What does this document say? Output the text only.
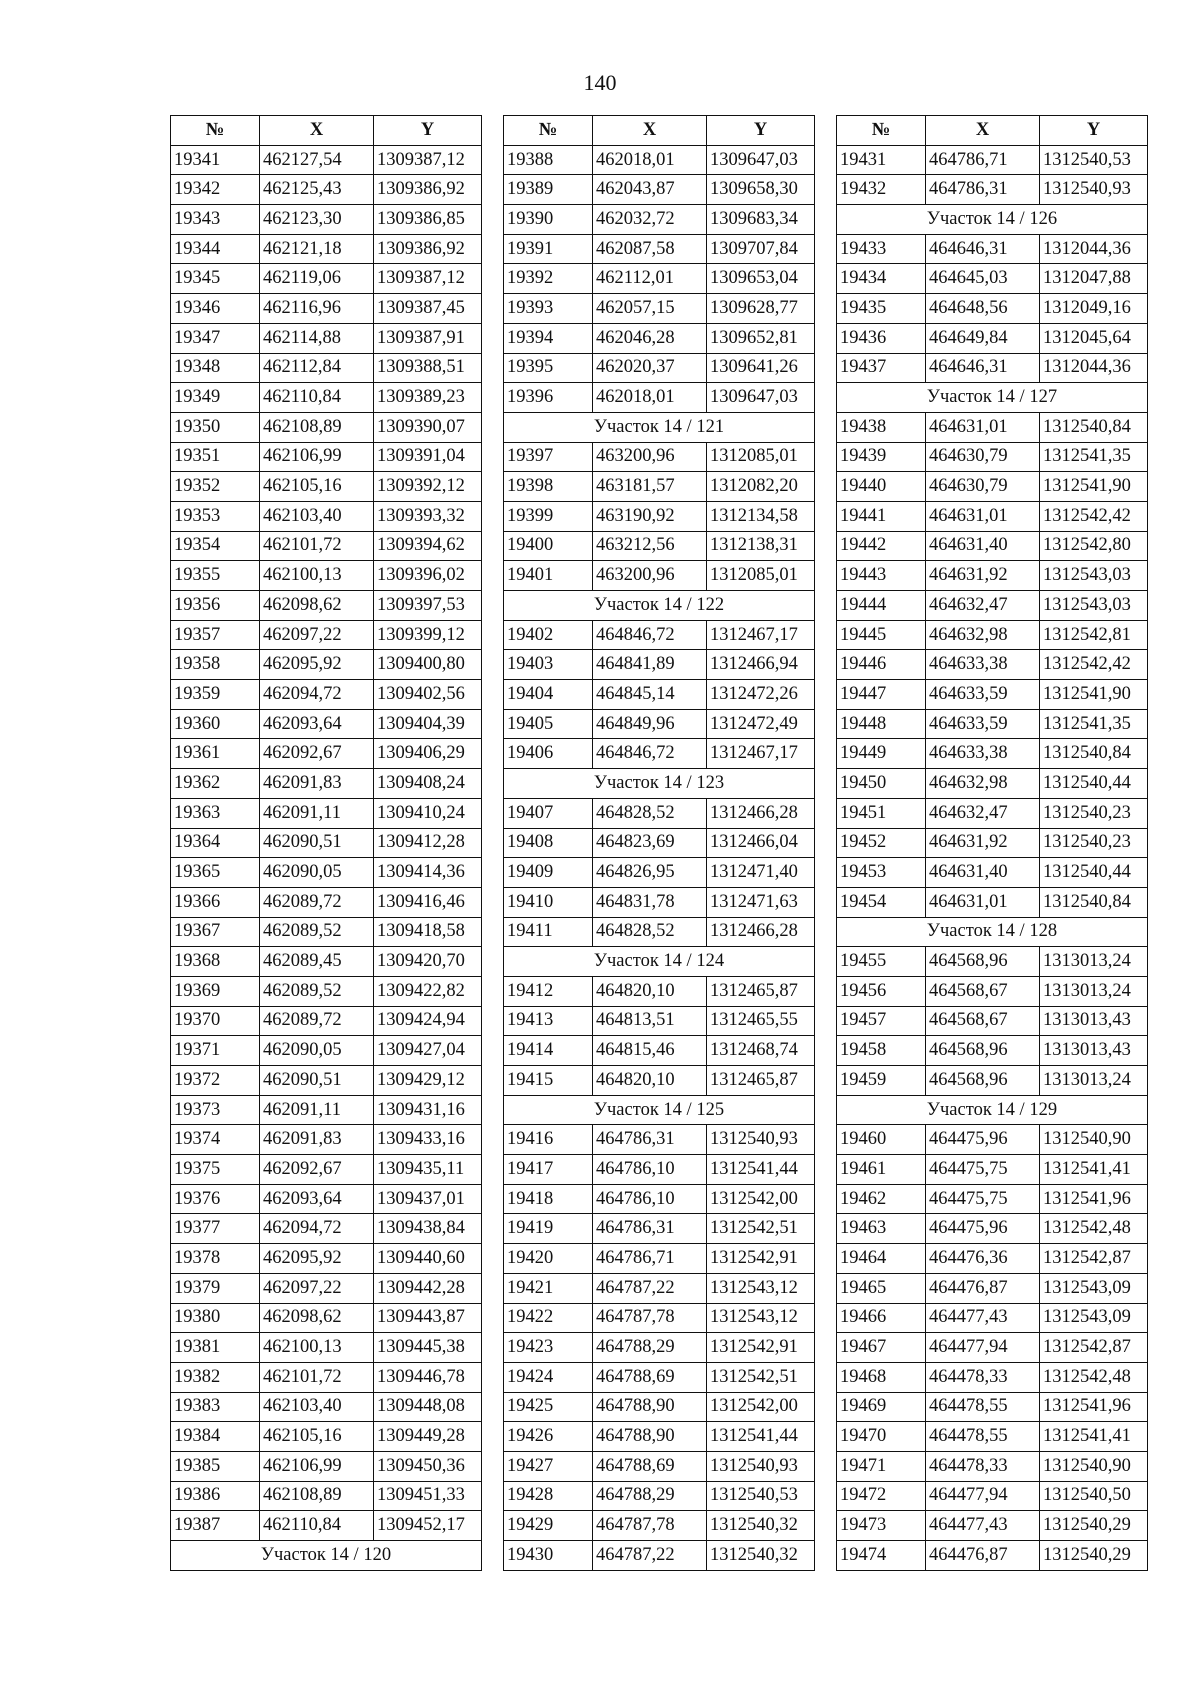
140
№	X	Y
19341	462127,54	1309387,12
19342	462125,43	1309386,92
19343	462123,30	1309386,85
19344	462121,18	1309386,92
19345	462119,06	1309387,12
19346	462116,96	1309387,45
19347	462114,88	1309387,91
19348	462112,84	1309388,51
19349	462110,84	1309389,23
19350	462108,89	1309390,07
19351	462106,99	1309391,04
19352	462105,16	1309392,12
19353	462103,40	1309393,32
19354	462101,72	1309394,62
19355	462100,13	1309396,02
19356	462098,62	1309397,53
19357	462097,22	1309399,12
19358	462095,92	1309400,80
19359	462094,72	1309402,56
19360	462093,64	1309404,39
19361	462092,67	1309406,29
19362	462091,83	1309408,24
19363	462091,11	1309410,24
19364	462090,51	1309412,28
19365	462090,05	1309414,36
19366	462089,72	1309416,46
19367	462089,52	1309418,58
19368	462089,45	1309420,70
19369	462089,52	1309422,82
19370	462089,72	1309424,94
19371	462090,05	1309427,04
19372	462090,51	1309429,12
19373	462091,11	1309431,16
19374	462091,83	1309433,16
19375	462092,67	1309435,11
19376	462093,64	1309437,01
19377	462094,72	1309438,84
19378	462095,92	1309440,60
19379	462097,22	1309442,28
19380	462098,62	1309443,87
19381	462100,13	1309445,38
19382	462101,72	1309446,78
19383	462103,40	1309448,08
19384	462105,16	1309449,28
19385	462106,99	1309450,36
19386	462108,89	1309451,33
19387	462110,84	1309452,17
Участок 14 / 120		
№	X	Y
19388	462018,01	1309647,03
19389	462043,87	1309658,30
19390	462032,72	1309683,34
19391	462087,58	1309707,84
19392	462112,01	1309653,04
19393	462057,15	1309628,77
19394	462046,28	1309652,81
19395	462020,37	1309641,26
19396	462018,01	1309647,03
Участок 14 / 121		
19397	463200,96	1312085,01
19398	463181,57	1312082,20
19399	463190,92	1312134,58
19400	463212,56	1312138,31
19401	463200,96	1312085,01
Участок 14 / 122		
19402	464846,72	1312467,17
19403	464841,89	1312466,94
19404	464845,14	1312472,26
19405	464849,96	1312472,49
19406	464846,72	1312467,17
Участок 14 / 123		
19407	464828,52	1312466,28
19408	464823,69	1312466,04
19409	464826,95	1312471,40
19410	464831,78	1312471,63
19411	464828,52	1312466,28
Участок 14 / 124		
19412	464820,10	1312465,87
19413	464813,51	1312465,55
19414	464815,46	1312468,74
19415	464820,10	1312465,87
Участок 14 / 125		
19416	464786,31	1312540,93
19417	464786,10	1312541,44
19418	464786,10	1312542,00
19419	464786,31	1312542,51
19420	464786,71	1312542,91
19421	464787,22	1312543,12
19422	464787,78	1312543,12
19423	464788,29	1312542,91
19424	464788,69	1312542,51
19425	464788,90	1312542,00
19426	464788,90	1312541,44
19427	464788,69	1312540,93
19428	464788,29	1312540,53
19429	464787,78	1312540,32
19430	464787,22	1312540,32
№	X	Y
19431	464786,71	1312540,53
19432	464786,31	1312540,93
Участок 14 / 126		
19433	464646,31	1312044,36
19434	464645,03	1312047,88
19435	464648,56	1312049,16
19436	464649,84	1312045,64
19437	464646,31	1312044,36
Участок 14 / 127		
19438	464631,01	1312540,84
19439	464630,79	1312541,35
19440	464630,79	1312541,90
19441	464631,01	1312542,42
19442	464631,40	1312542,80
19443	464631,92	1312543,03
19444	464632,47	1312543,03
19445	464632,98	1312542,81
19446	464633,38	1312542,42
19447	464633,59	1312541,90
19448	464633,59	1312541,35
19449	464633,38	1312540,84
19450	464632,98	1312540,44
19451	464632,47	1312540,23
19452	464631,92	1312540,23
19453	464631,40	1312540,44
19454	464631,01	1312540,84
Участок 14 / 128		
19455	464568,96	1313013,24
19456	464568,67	1313013,24
19457	464568,67	1313013,43
19458	464568,96	1313013,43
19459	464568,96	1313013,24
Участок 14 / 129		
19460	464475,96	1312540,90
19461	464475,75	1312541,41
19462	464475,75	1312541,96
19463	464475,96	1312542,48
19464	464476,36	1312542,87
19465	464476,87	1312543,09
19466	464477,43	1312543,09
19467	464477,94	1312542,87
19468	464478,33	1312542,48
19469	464478,55	1312541,96
19470	464478,55	1312541,41
19471	464478,33	1312540,90
19472	464477,94	1312540,50
19473	464477,43	1312540,29
19474	464476,87	1312540,29
